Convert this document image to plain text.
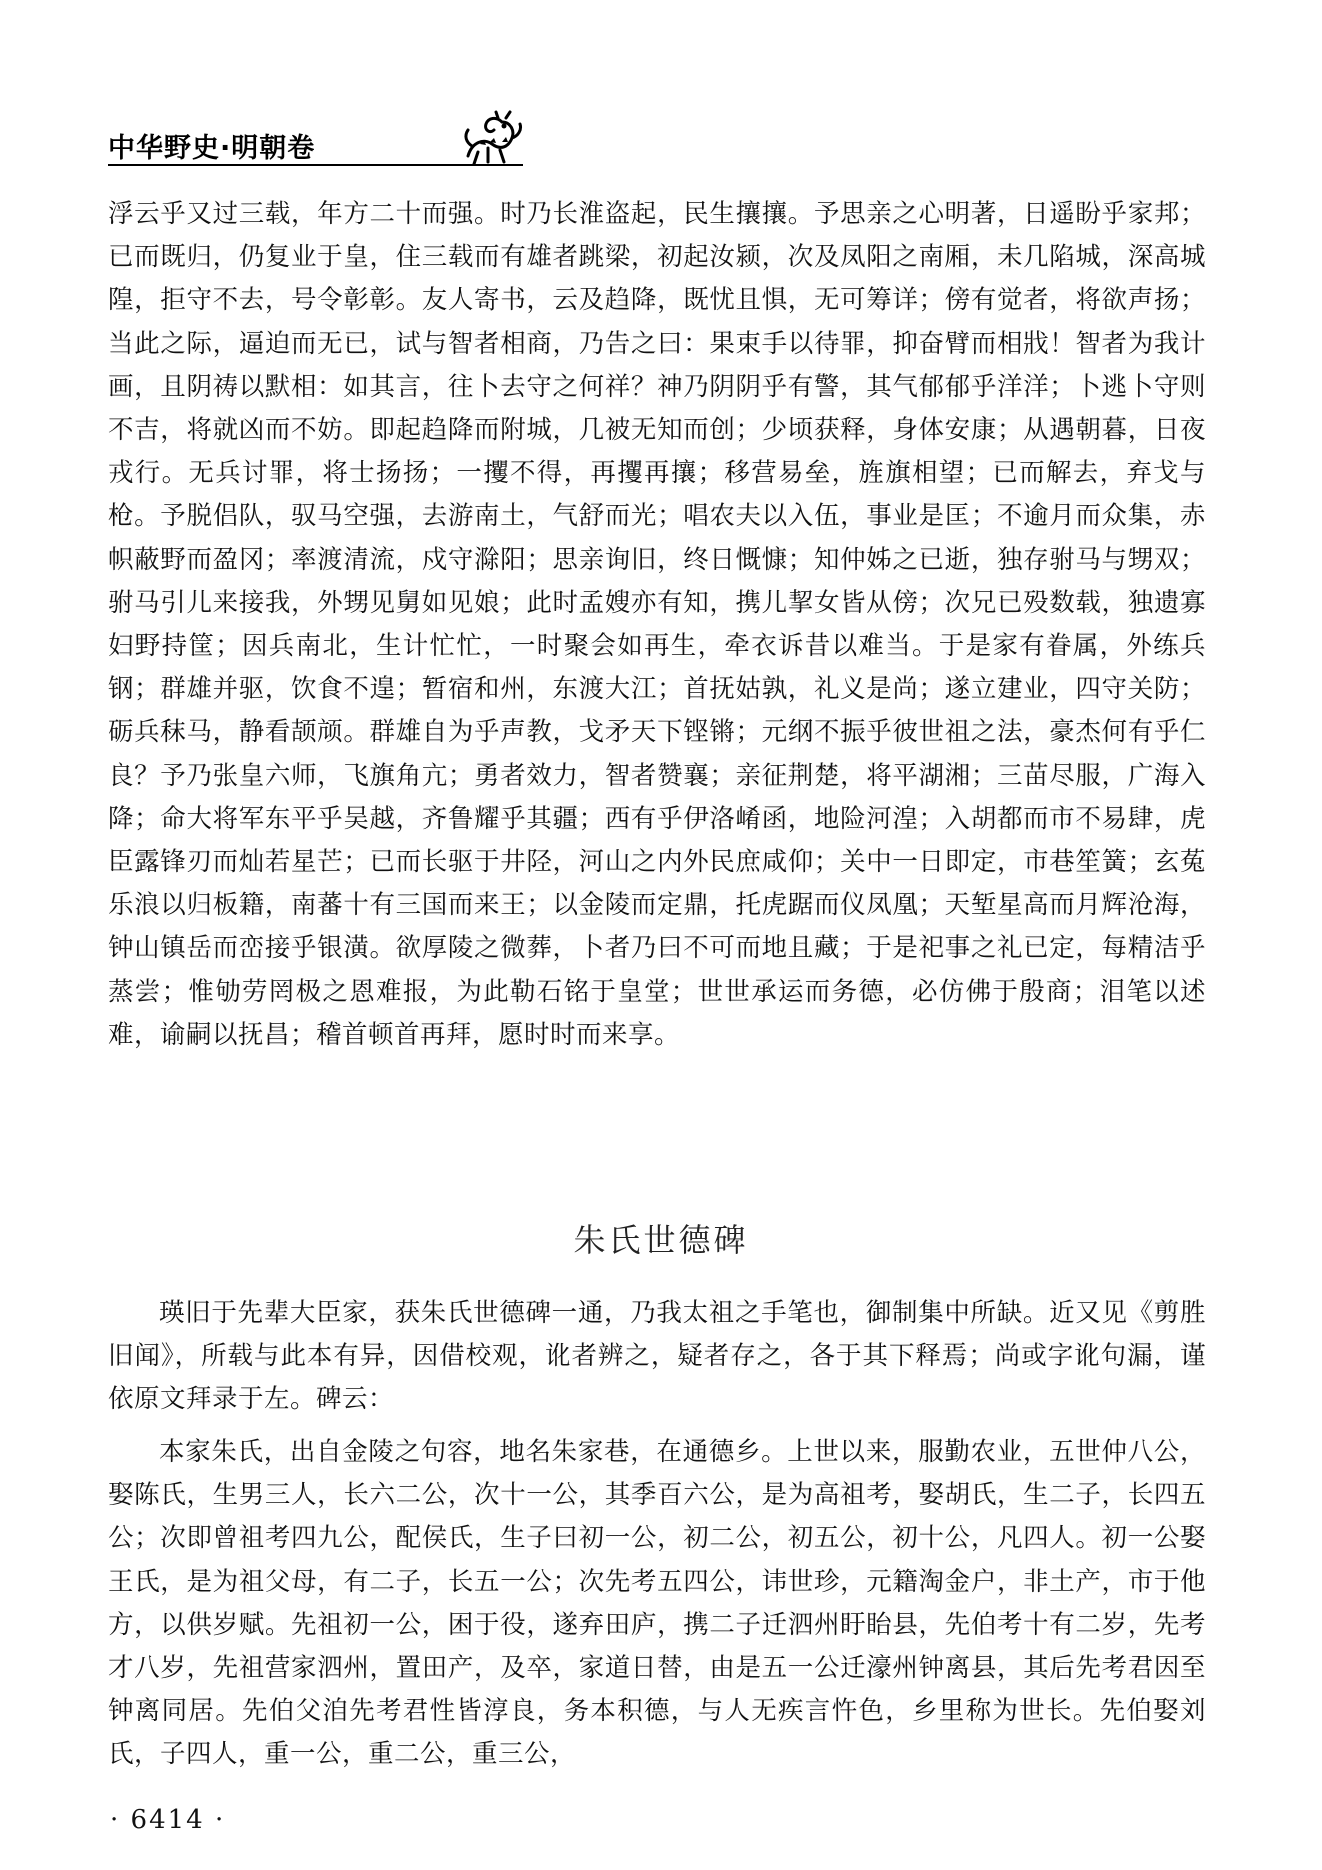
中华野史·明朝卷

浮云乎又过三载，年方二十而强。时乃长淮盗起，民生攘攘。予思亲之心明著，日遥盼乎家邦；已而既归，仍复业于皇，住三载而有雄者跳梁，初起汝颍，次及凤阳之南厢，未几陷城，深高城隍，拒守不去，号令彰彰。友人寄书，云及趋降，既忧且惧，无可筹详；傍有觉者，将欲声扬；当此之际，逼迫而无已，试与智者相商，乃告之曰：果束手以待罪，抑奋臂而相戕！智者为我计画，且阴祷以默相：如其言，往卜去守之何祥？神乃阴阴乎有警，其气郁郁乎洋洋；卜逃卜守则不吉，将就凶而不妨。即起趋降而附城，几被无知而创；少顷获释，身体安康；从遇朝暮，日夜戎行。无兵讨罪，将士扬扬；一攫不得，再攫再攘；移营易垒，旌旗相望；已而解去，弃戈与枪。予脱侣队，驭马空强，去游南土，气舒而光；唱农夫以入伍，事业是匡；不逾月而众集，赤帜蔽野而盈冈；率渡清流，戍守滁阳；思亲询旧，终日慨慷；知仲姊之已逝，独存驸马与甥双；驸马引儿来接我，外甥见舅如见娘；此时孟嫂亦有知，携儿挈女皆从傍；次兄已殁数载，独遗寡妇野持筐；因兵南北，生计忙忙，一时聚会如再生，牵衣诉昔以难当。于是家有眷属，外练兵钢；群雄并驱，饮食不遑；暂宿和州，东渡大江；首抚姑孰，礼义是尚；遂立建业，四守关防；砺兵秣马，静看颉颃。群雄自为乎声教，戈矛天下铿锵；元纲不振乎彼世祖之法，豪杰何有乎仁良？予乃张皇六师，飞旗角亢；勇者效力，智者赞襄；亲征荆楚，将平湖湘；三苗尽服，广海入降；命大将军东平乎吴越，齐鲁耀乎其疆；西有乎伊洛崤函，地险河湟；入胡都而市不易肆，虎臣露锋刃而灿若星芒；已而长驱于井陉，河山之内外民庶咸仰；关中一日即定，市巷笙簧；玄菟乐浪以归板籍，南蕃十有三国而来王；以金陵而定鼎，托虎踞而仪凤凰；天堑星高而月辉沧海，钟山镇岳而峦接乎银潢。欲厚陵之微葬，卜者乃曰不可而地且藏；于是祀事之礼已定，每精洁乎蒸尝；惟劬劳罔极之恩难报，为此勒石铭于皇堂；世世承运而务德，必仿佛于殷商；泪笔以述难，谕嗣以抚昌；稽首顿首再拜，愿时时而来享。

朱氏世德碑

瑛旧于先辈大臣家，获朱氏世德碑一通，乃我太祖之手笔也，御制集中所缺。近又见《剪胜旧闻》，所载与此本有异，因借校观，讹者辨之，疑者存之，各于其下释焉；尚或字讹句漏，谨依原文拜录于左。碑云：

本家朱氏，出自金陵之句容，地名朱家巷，在通德乡。上世以来，服勤农业，五世仲八公，娶陈氏，生男三人，长六二公，次十一公，其季百六公，是为高祖考，娶胡氏，生二子，长四五公；次即曾祖考四九公，配侯氏，生子曰初一公，初二公，初五公，初十公，凡四人。初一公娶王氏，是为祖父母，有二子，长五一公；次先考五四公，讳世珍，元籍淘金户，非土产，市于他方，以供岁赋。先祖初一公，困于役，遂弃田庐，携二子迁泗州盱眙县，先伯考十有二岁，先考才八岁，先祖营家泗州，置田产，及卒，家道日替，由是五一公迁濠州钟离县，其后先考君因至钟离同居。先伯父洎先考君性皆淳良，务本积德，与人无疾言忤色，乡里称为世长。先伯娶刘氏，子四人，重一公，重二公，重三公，

· 6414 ·
